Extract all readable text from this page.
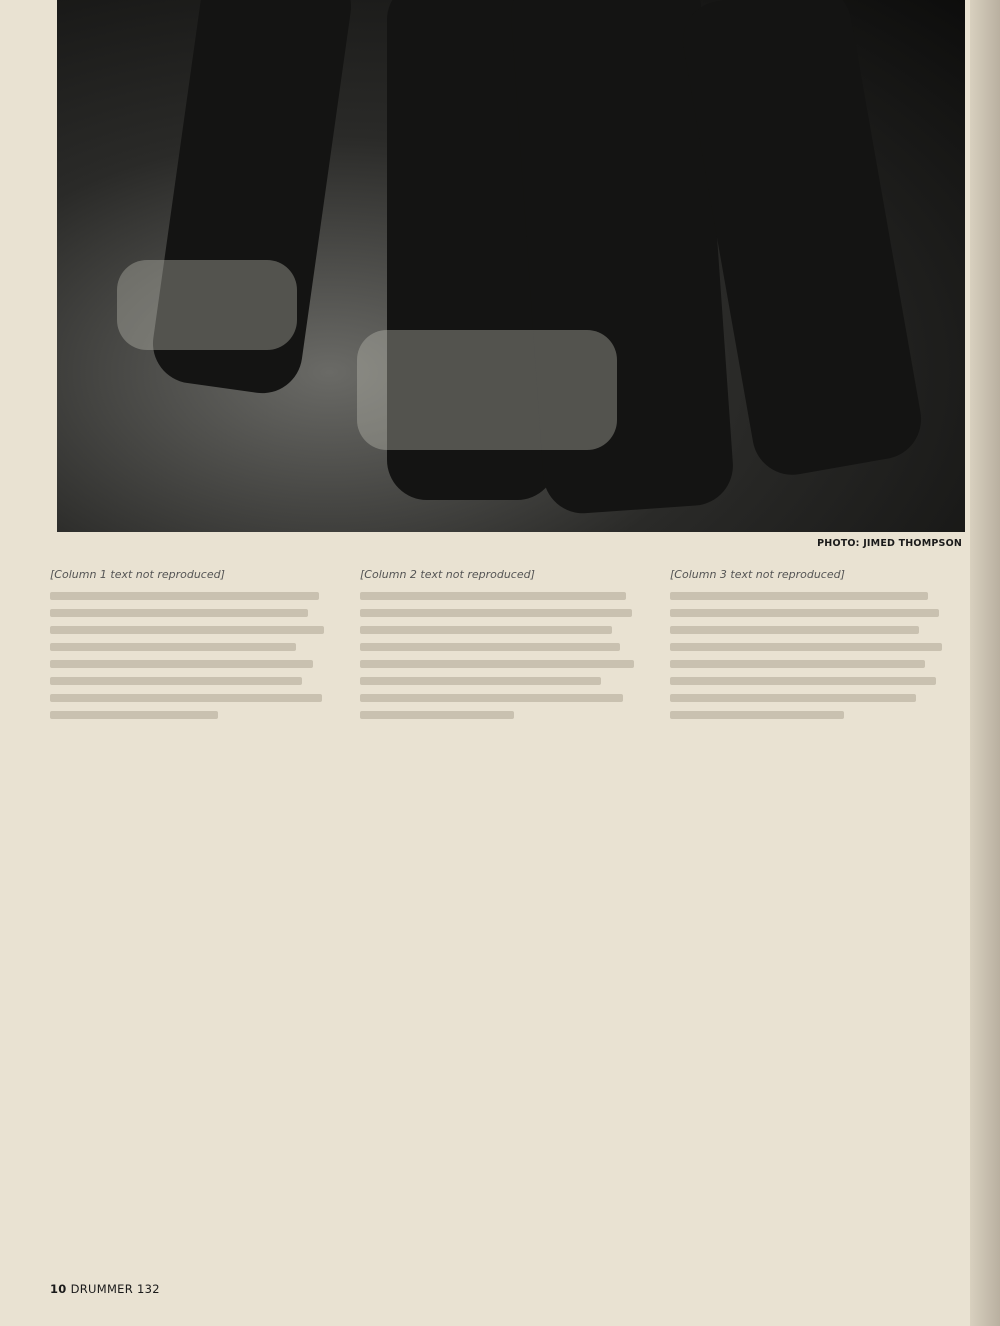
PHOTO: JIMED THOMPSON
[Column 1 text not reproduced]	[Column 2 text not reproduced]	[Column 3 text not reproduced]
10 DRUMMER 132
